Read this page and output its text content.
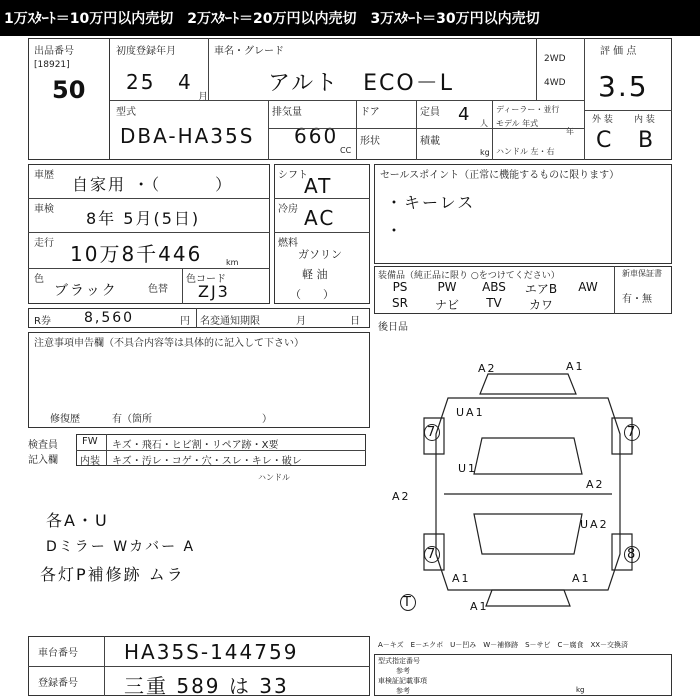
1万ｽﾀｰﾄ＝10万円以内売切　2万ｽﾀｰﾄ＝20万円以内売切　3万ｽﾀｰﾄ＝30万円以内売切
出品番号
[18921]
50
初度登録年月
25 4
月
車名・グレード
アルト　ECO－L
2WD
4WD
評 価 点
3.5
外 装 内 装
C B
型式
DBA-HA35S
排気量
660
CC
ドア
形状
定員 4 人
積載
kg
ディーラー・並行
モデル 年式
年
ハンドル 左・右
車歴 自家用 ・（　　　）
車検 8年 5月(5日)
走行 10万8千446	km
色
ブラック	色替
色コード
ZJ3
シフト
AT
冷房 AC
燃料
ガソリン
軽 油
（　　）
セールスポイント（正常に機能するものに限ります）
・キーレス
・
装備品（純正品に限り ○をつけてください）	新車保証書
有・無
PS	PW	ABS	エアB	AW
SR	ナビ	TV	カワ
R券 8,560	円 名変通知期限	月	日
後日品
注意事項申告欄（不具合内容等は具体的に記入して下さい）
修復歴	有（箇所　　　　　　　　　　　）
検査員 記入欄
FW キズ・飛石・ヒビ割・リペア跡・X要
内装 キズ・汚レ・コゲ・穴・スレ・キレ・破レ
ハンドル
各A・U
Dミラー Wカバー A
各灯P補修跡 ムラ
A2	A1
UA1
7	7
U1
A2
A2
UA2
7	8
A1	A1
T	A1
A－キズ　E－エクボ　U－凹み　W－補修跡　S－サビ　C－腐食　XX－交換済
車台番号 HA35S-144759
登録番号 三重 589 は 33
型式指定番号
参考
車検証記載事項
参考	kg
